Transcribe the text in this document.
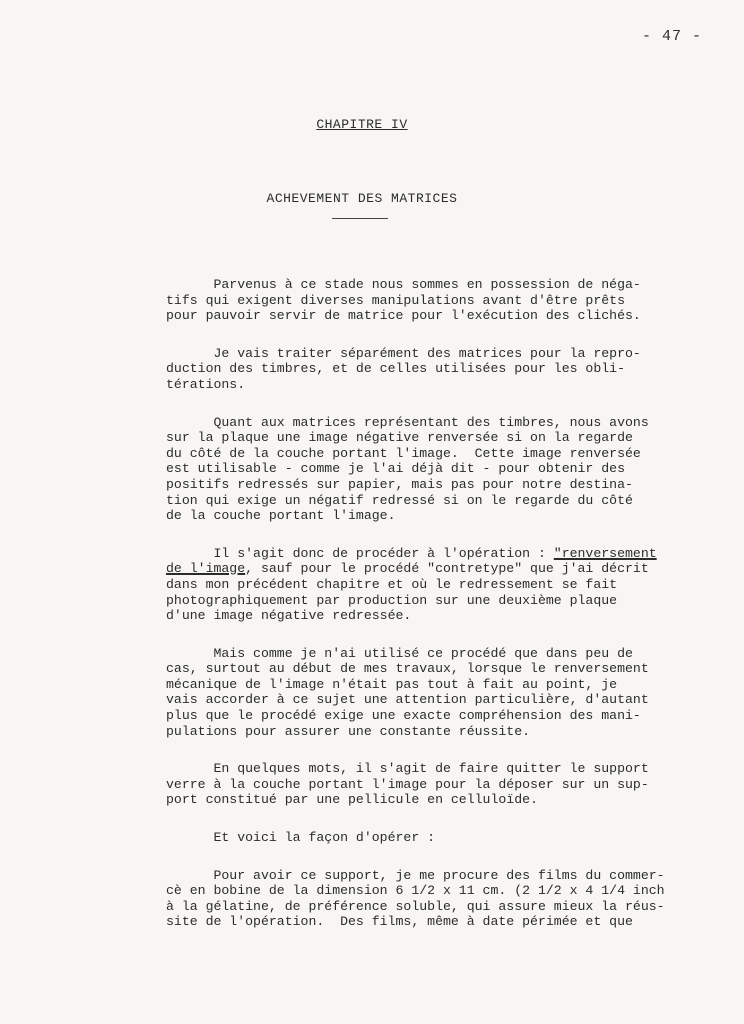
- 47 -
CHAPITRE IV
ACHEVEMENT DES MATRICES

Parvenus à ce stade nous sommes en possession de néga-
tifs qui exigent diverses manipulations avant d'être prêts
pour pauvoir servir de matrice pour l'exécution des clichés.

Je vais traiter séparément des matrices pour la repro-
duction des timbres, et de celles utilisées pour les obli-
térations.

Quant aux matrices représentant des timbres, nous avons
sur la plaque une image négative renversée si on la regarde
du côté de la couche portant l'image.  Cette image renversée
est utilisable - comme je l'ai déjà dit - pour obtenir des
positifs redressés sur papier, mais pas pour notre destina-
tion qui exige un négatif redressé si on le regarde du côté
de la couche portant l'image.

Il s'agit donc de procéder à l'opération : "renversement
de l'image, sauf pour le procédé "contretype" que j'ai décrit
dans mon précédent chapitre et où le redressement se fait
photographiquement par production sur une deuxième plaque
d'une image négative redressée.

Mais comme je n'ai utilisé ce procédé que dans peu de
cas, surtout au début de mes travaux, lorsque le renversement
mécanique de l'image n'était pas tout à fait au point, je
vais accorder à ce sujet une attention particulière, d'autant
plus que le procédé exige une exacte compréhension des mani-
pulations pour assurer une constante réussite.

En quelques mots, il s'agit de faire quitter le support
verre à la couche portant l'image pour la déposer sur un sup-
port constitué par une pellicule en celluloïde.

Et voici la façon d'opérer :

Pour avoir ce support, je me procure des films du commer-
cè en bobine de la dimension 6 1/2 x 11 cm. (2 1/2 x 4 1/4 inch
à la gélatine, de préférence soluble, qui assure mieux la réus-
site de l'opération.  Des films, même à date périmée et que
